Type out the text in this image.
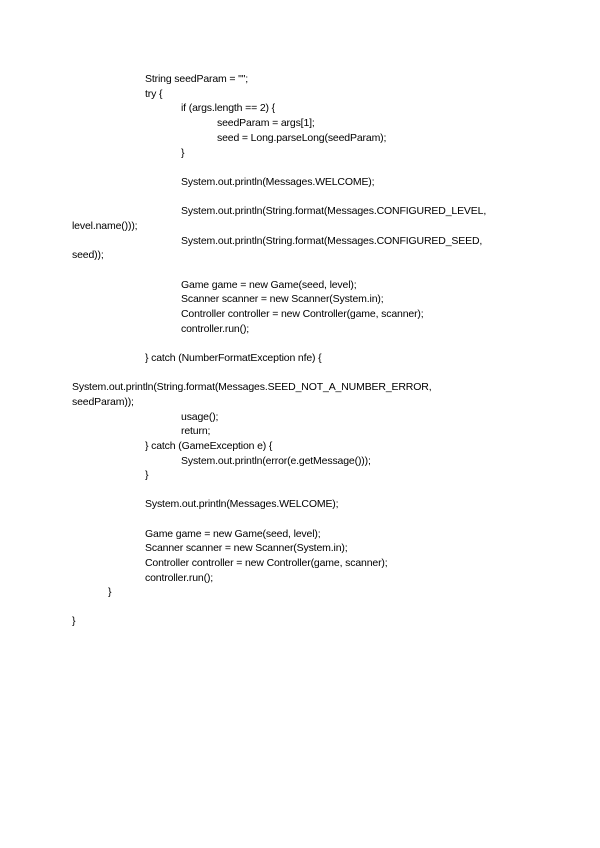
String seedParam = "";
try {
if (args.length == 2) {
seedParam = args[1];
seed = Long.parseLong(seedParam);
}
System.out.println(Messages.WELCOME);
System.out.println(String.format(Messages.CONFIGURED_LEVEL,
level.name()));
System.out.println(String.format(Messages.CONFIGURED_SEED,
seed));
Game game = new Game(seed, level);
Scanner scanner = new Scanner(System.in);
Controller controller = new Controller(game, scanner);
controller.run();
} catch (NumberFormatException nfe) {
System.out.println(String.format(Messages.SEED_NOT_A_NUMBER_ERROR,
seedParam));
usage();
return;
} catch (GameException e) {
System.out.println(error(e.getMessage()));
}
System.out.println(Messages.WELCOME);
Game game = new Game(seed, level);
Scanner scanner = new Scanner(System.in);
Controller controller = new Controller(game, scanner);
controller.run();
}
}
